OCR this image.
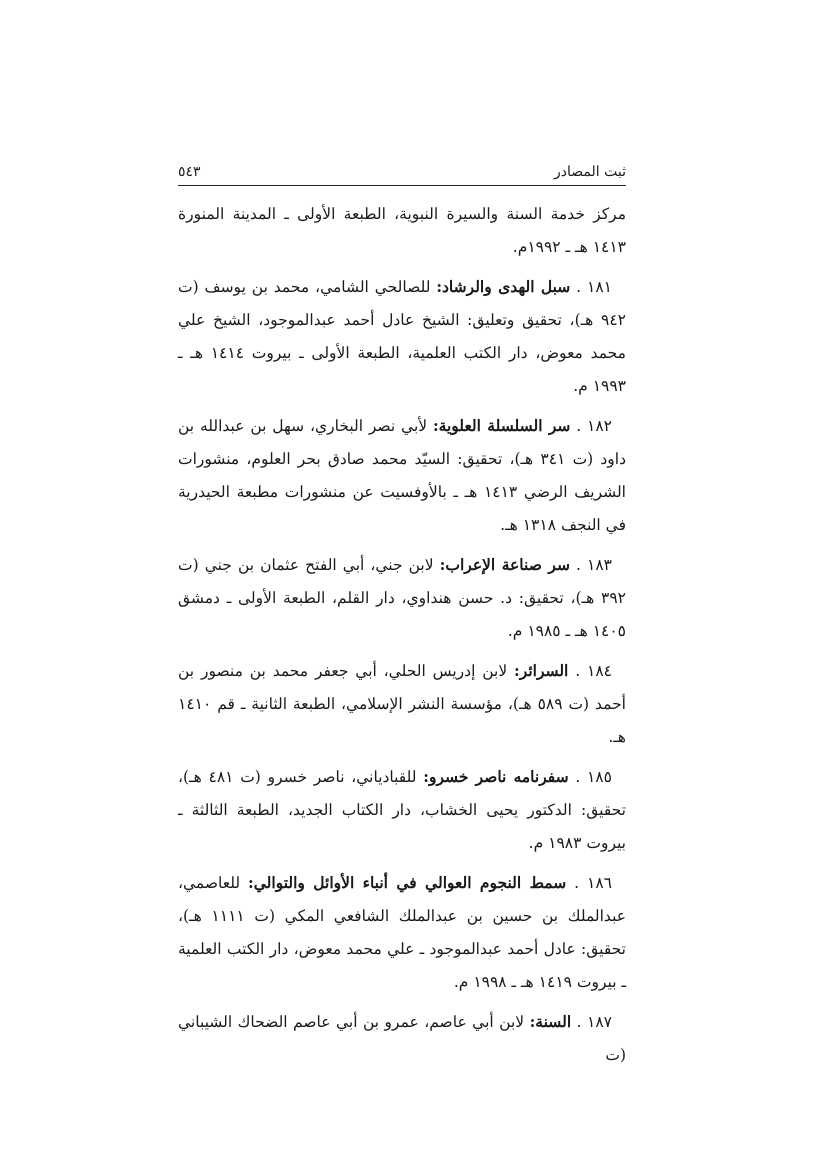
ثبت المصادر
٥٤٣

مركز خدمة السنة والسيرة النبوية، الطبعة الأولى ـ المدينة المنورة ١٤١٣ هـ ـ ١٩٩٢م.

١٨١ . سبل الهدى والرشاد: للصالحي الشامي، محمد بن يوسف (ت ٩٤٢ هـ)، تحقيق وتعليق: الشيخ عادل أحمد عبدالموجود، الشيخ علي محمد معوض، دار الكتب العلمية، الطبعة الأولى ـ بيروت ١٤١٤ هـ ـ ١٩٩٣ م.

١٨٢ . سر السلسلة العلوية: لأبي نصر البخاري، سهل بن عبدالله بن داود (ت ٣٤١ هـ)، تحقيق: السيّد محمد صادق بحر العلوم، منشورات الشريف الرضي ١٤١٣ هـ ـ بالأوفسيت عن منشورات مطبعة الحيدرية في النجف ١٣١٨ هـ.

١٨٣ . سر صناعة الإعراب: لابن جني، أبي الفتح عثمان بن جني (ت ٣٩٢ هـ)، تحقيق: د. حسن هنداوي، دار القلم، الطبعة الأولى ـ دمشق ١٤٠٥ هـ ـ ١٩٨٥ م.

١٨٤ . السرائر: لابن إدريس الحلي، أبي جعفر محمد بن منصور بن أحمد (ت ٥٨٩ هـ)، مؤسسة النشر الإسلامي، الطبعة الثانية ـ قم ١٤١٠ هـ.

١٨٥ . سفرنامه ناصر خسرو: للقبادياني، ناصر خسرو (ت ٤٨١ هـ)، تحقيق: الدكتور يحيى الخشاب، دار الكتاب الجديد، الطبعة الثالثة ـ بيروت ١٩٨٣ م.

١٨٦ . سمط النجوم العوالي في أنباء الأوائل والتوالي: للعاصمي، عبدالملك بن حسين بن عبدالملك الشافعي المكي (ت ١١١١ هـ)، تحقيق: عادل أحمد عبدالموجود ـ علي محمد معوض، دار الكتب العلمية ـ بيروت ١٤١٩ هـ ـ ١٩٩٨ م.

١٨٧ . السنة: لابن أبي عاصم، عمرو بن أبي عاصم الضحاك الشيباني (ت
